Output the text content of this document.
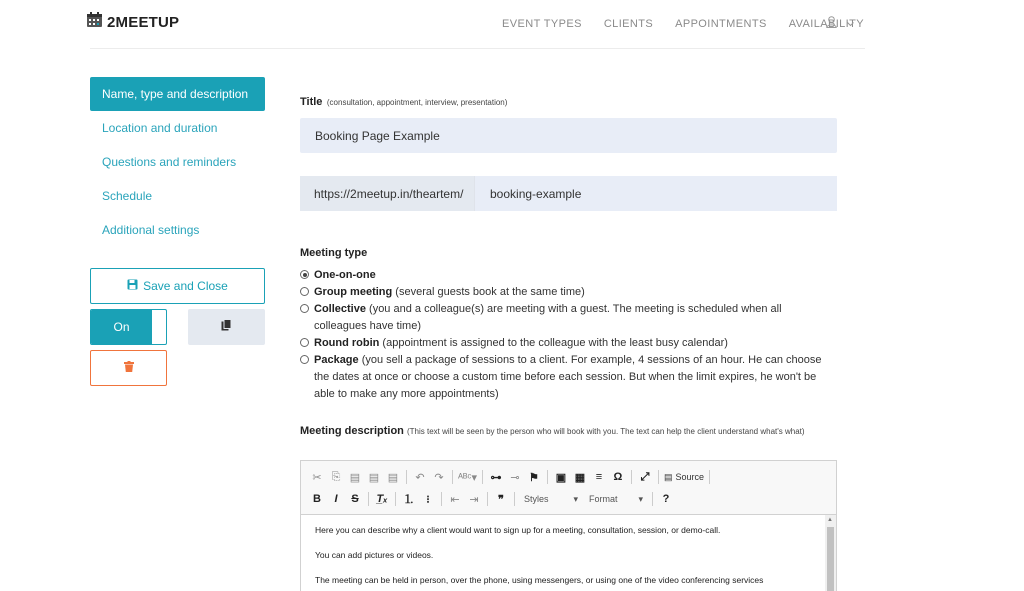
2MEETUP	EVENT TYPES CLIENTS APPOINTMENTS AVAILABILITY
Name, type and description
Location and duration
Questions and reminders
Schedule
Additional settings
Save and Close
On
Title (consultation, appointment, interview, presentation)
Booking Page Example
https://2meetup.in/theartem/	booking-example
Meeting type
One-on-one
Group meeting (several guests book at the same time)
Collective (you and a colleague(s) are meeting with a guest. The meeting is scheduled when all colleagues have time)
Round robin (appointment is assigned to the colleague with the least busy calendar)
Package (you sell a package of sessions to a client. For example, 4 sessions of an hour. He can choose the dates at once or choose a custom time before each session. But when the limit expires, he won't be able to make any more appointments)
Meeting description (This text will be seen by the person who will book with you. The text can help the client understand what's what)
✂ ⎘ ▤ ▤ ▤	↶ ↷	ᴬᴮᶜ▾ ⊶ ⊸ ⚑ ▣ ▦ ≡	Ω	⤢	▤ Source
B	I	S	T̲ₓ ⒈	⁝	⇤ ⇥	❞	Styles	▾ Format ▾	?

Here you can describe why a client would want to sign up for a meeting, consultation, session, or demo-call.

You can add pictures or videos.

The meeting can be held in person, over the phone, using messengers, or using one of the video conferencing services

▲
